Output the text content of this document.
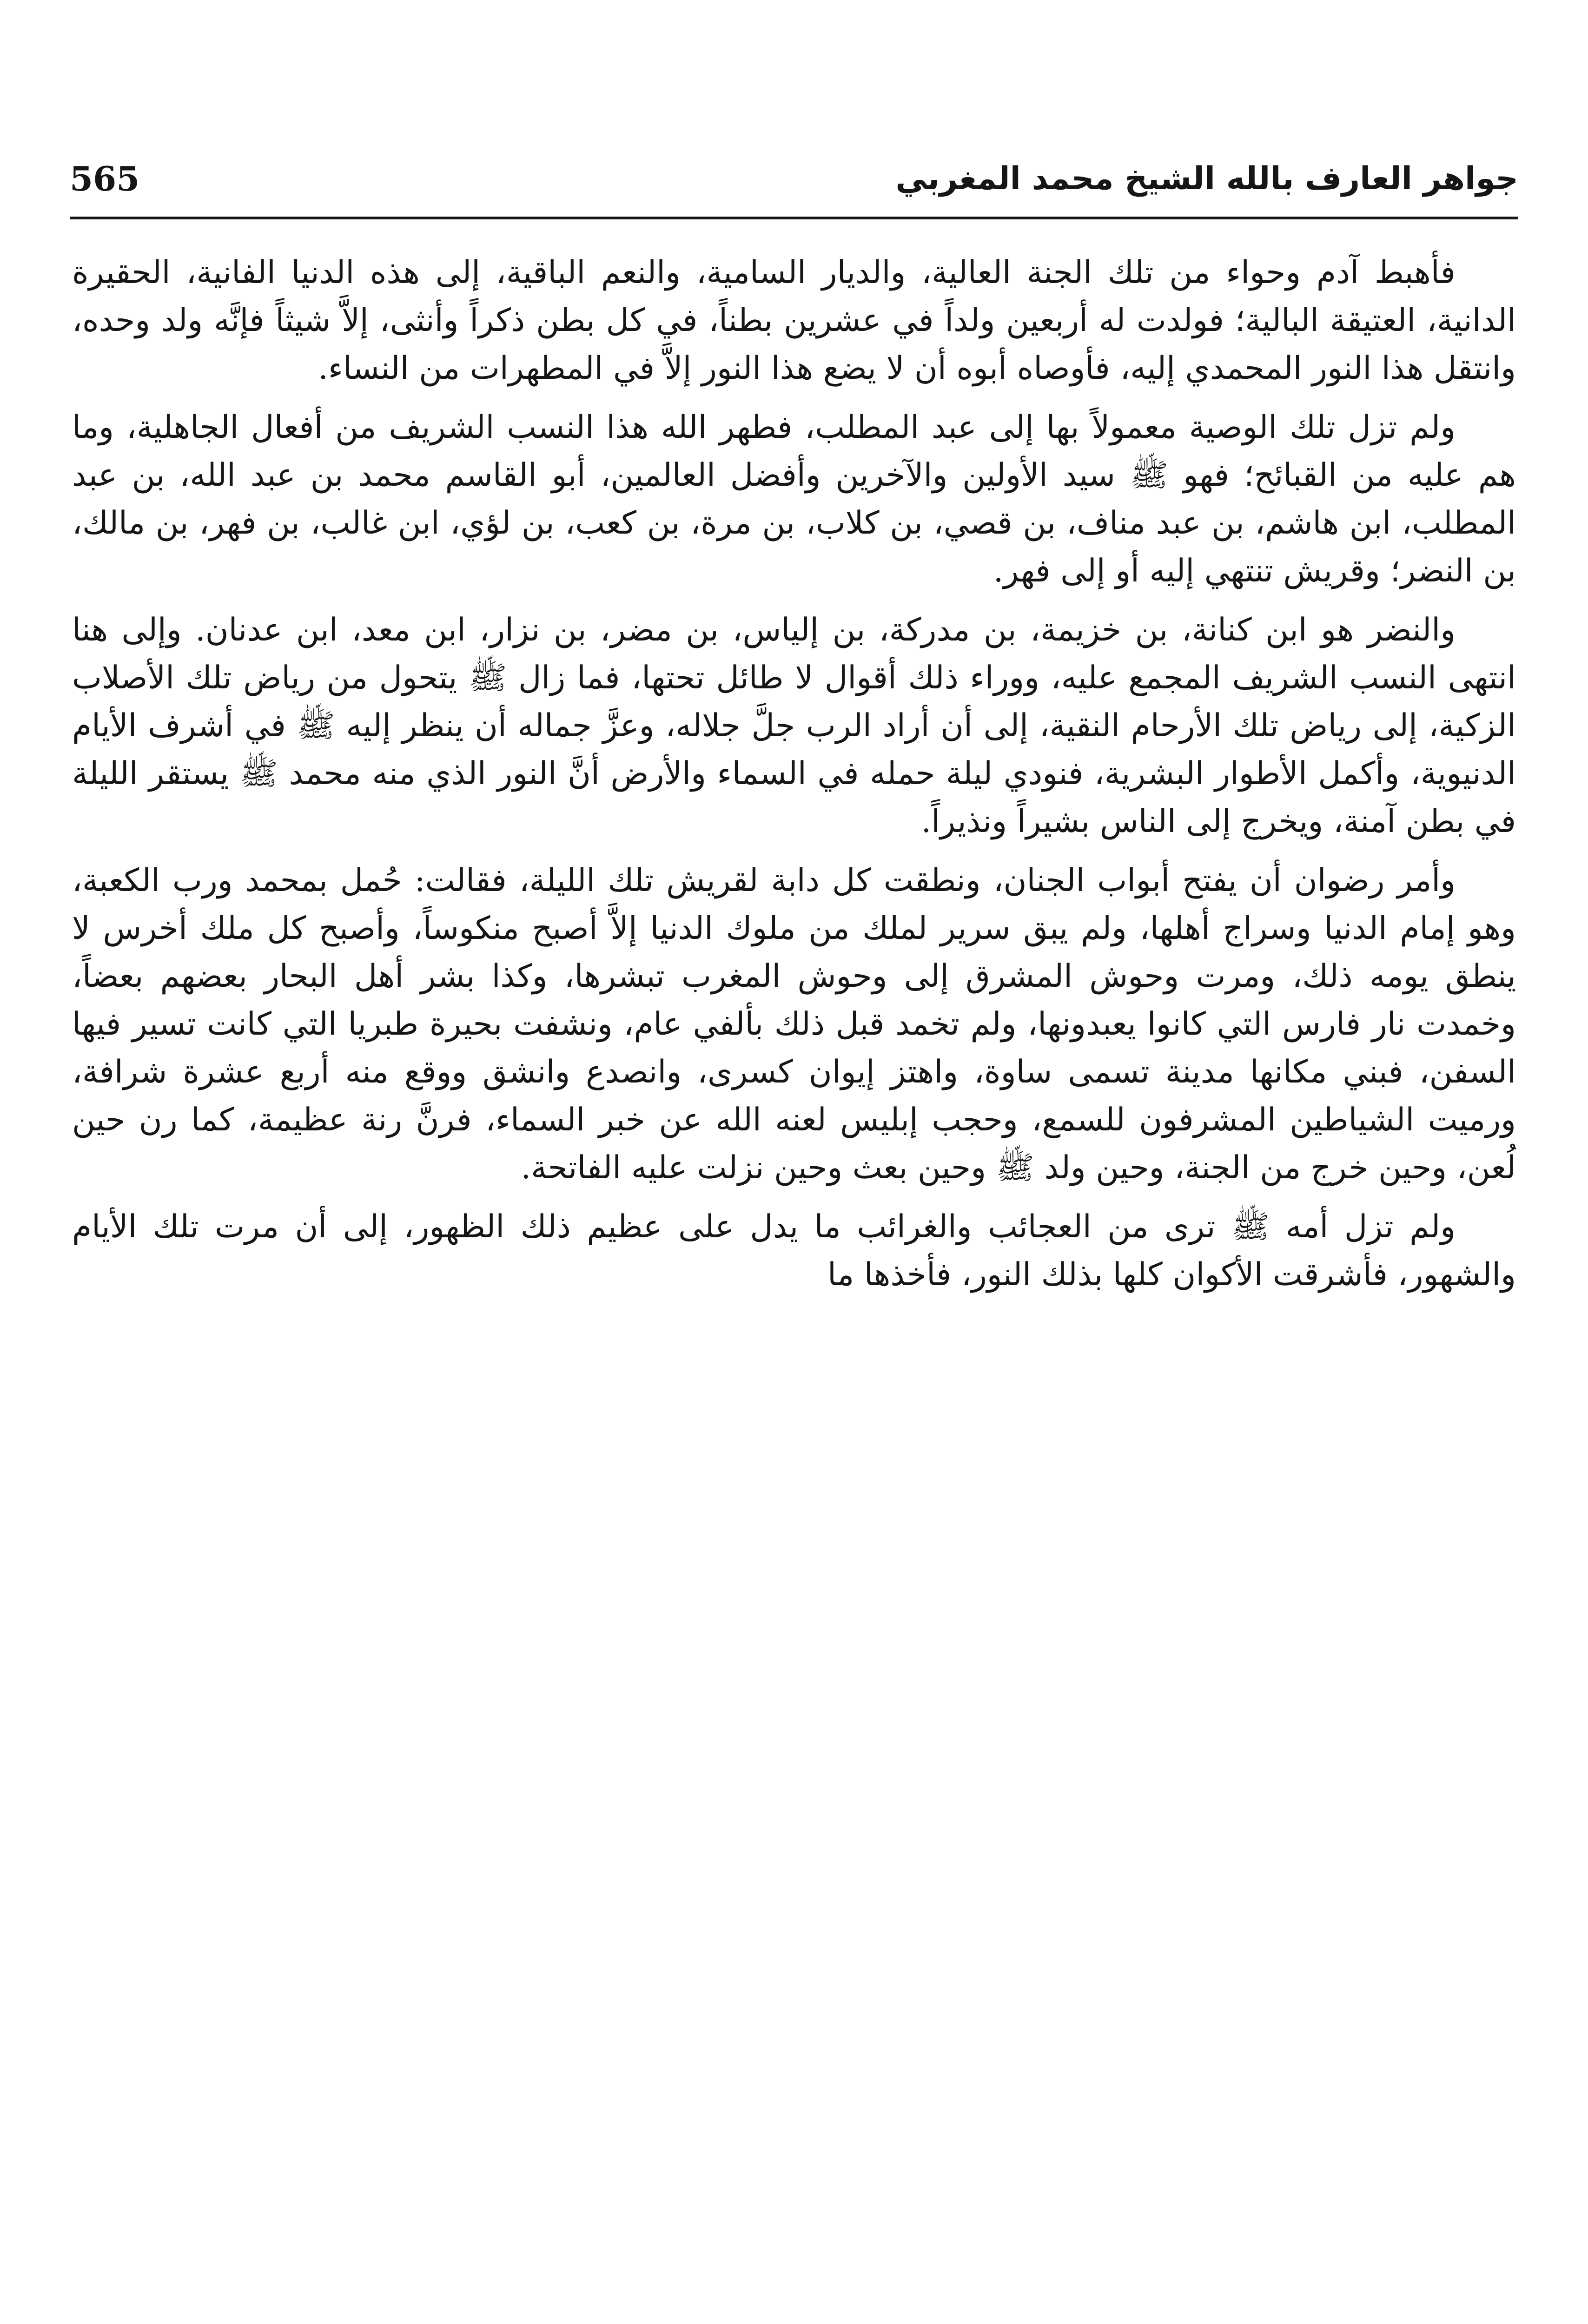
جواهر العارف بالله الشيخ محمد المغربي
565

فأهبط آدم وحواء من تلك الجنة العالية، والديار السامية، والنعم الباقية، إلى هذه الدنيا الفانية، الحقيرة الدانية، العتيقة البالية؛ فولدت له أربعين ولداً في عشرين بطناً، في كل بطن ذكراً وأنثى، إلاَّ شيثاً فإنَّه ولد وحده، وانتقل هذا النور المحمدي إليه، فأوصاه أبوه أن لا يضع هذا النور إلاَّ في المطهرات من النساء.

ولم تزل تلك الوصية معمولاً بها إلى عبد المطلب، فطهر الله هذا النسب الشريف من أفعال الجاهلية، وما هم عليه من القبائح؛ فهو ﷺ سيد الأولين والآخرين وأفضل العالمين، أبو القاسم محمد بن عبد الله، بن عبد المطلب، ابن هاشم، بن عبد مناف، بن قصي، بن كلاب، بن مرة، بن كعب، بن لؤي، ابن غالب، بن فهر، بن مالك، بن النضر؛ وقريش تنتهي إليه أو إلى فهر.

والنضر هو ابن كنانة، بن خزيمة، بن مدركة، بن إلياس، بن مضر، بن نزار، ابن معد، ابن عدنان. وإلى هنا انتهى النسب الشريف المجمع عليه، ووراء ذلك أقوال لا طائل تحتها، فما زال ﷺ يتحول من رياض تلك الأصلاب الزكية، إلى رياض تلك الأرحام النقية، إلى أن أراد الرب جلَّ جلاله، وعزَّ جماله أن ينظر إليه ﷺ في أشرف الأيام الدنيوية، وأكمل الأطوار البشرية، فنودي ليلة حمله في السماء والأرض أنَّ النور الذي منه محمد ﷺ يستقر الليلة في بطن آمنة، ويخرج إلى الناس بشيراً ونذيراً.

وأمر رضوان أن يفتح أبواب الجنان، ونطقت كل دابة لقريش تلك الليلة، فقالت: حُمل بمحمد ورب الكعبة، وهو إمام الدنيا وسراج أهلها، ولم يبق سرير لملك من ملوك الدنيا إلاَّ أصبح منكوساً، وأصبح كل ملك أخرس لا ينطق يومه ذلك، ومرت وحوش المشرق إلى وحوش المغرب تبشرها، وكذا بشر أهل البحار بعضهم بعضاً، وخمدت نار فارس التي كانوا يعبدونها، ولم تخمد قبل ذلك بألفي عام، ونشفت بحيرة طبريا التي كانت تسير فيها السفن، فبني مكانها مدينة تسمى ساوة، واهتز إيوان كسرى، وانصدع وانشق ووقع منه أربع عشرة شرافة، ورميت الشياطين المشرفون للسمع، وحجب إبليس لعنه الله عن خبر السماء، فرنَّ رنة عظيمة، كما رن حين لُعن، وحين خرج من الجنة، وحين ولد ﷺ وحين بعث وحين نزلت عليه الفاتحة.

ولم تزل أمه ﷺ ترى من العجائب والغرائب ما يدل على عظيم ذلك الظهور، إلى أن مرت تلك الأيام والشهور، فأشرقت الأكوان كلها بذلك النور، فأخذها ما
